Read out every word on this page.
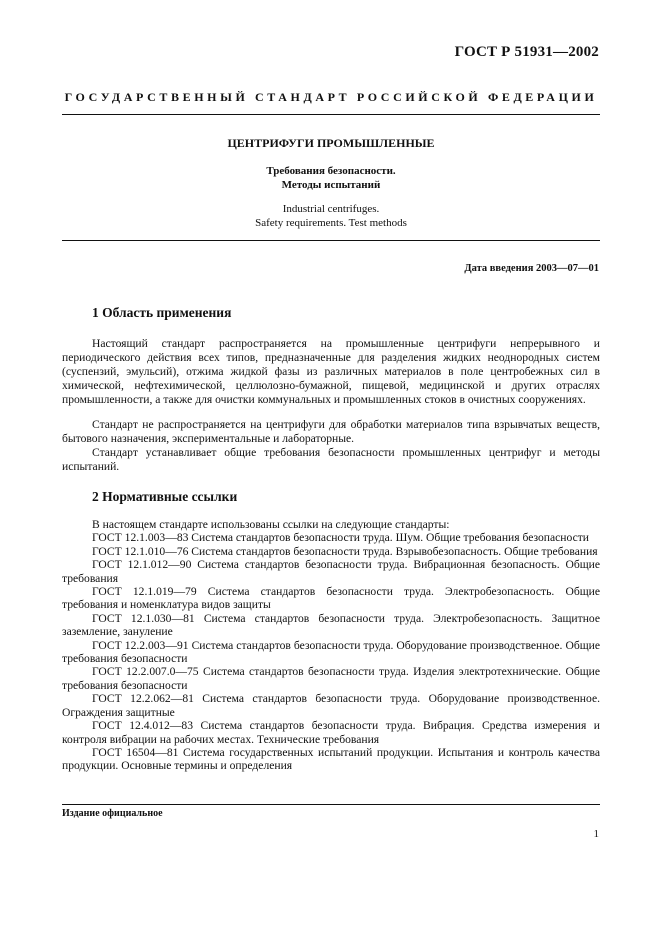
ГОСТ Р 51931—2002
ГОСУДАРСТВЕННЫЙ СТАНДАРТ РОССИЙСКОЙ ФЕДЕРАЦИИ
ЦЕНТРИФУГИ ПРОМЫШЛЕННЫЕ
Требования безопасности.
Методы испытаний
Industrial centrifuges.
Safety requirements. Test methods
Дата введения 2003—07—01
1 Область применения

Настоящий стандарт распространяется на промышленные центрифуги непрерывного и периодического действия всех типов, предназначенные для разделения жидких неоднородных систем (суспензий, эмульсий), отжима жидкой фазы из различных материалов в поле центробежных сил в химической, нефтехимической, целлюлозно-бумажной, пищевой, медицинской и других отраслях промышленности, а также для очистки коммунальных и промышленных стоков в очистных сооружениях.

Стандарт не распространяется на центрифуги для обработки материалов типа взрывчатых веществ, бытового назначения, экспериментальные и лабораторные.

Стандарт устанавливает общие требования безопасности промышленных центрифуг и методы испытаний.

2 Нормативные ссылки

В настоящем стандарте использованы ссылки на следующие стандарты:

ГОСТ 12.1.003—83 Система стандартов безопасности труда. Шум. Общие требования безопасности

ГОСТ 12.1.010—76 Система стандартов безопасности труда. Взрывобезопасность. Общие требования

ГОСТ 12.1.012—90 Система стандартов безопасности труда. Вибрационная безопасность. Общие требования

ГОСТ 12.1.019—79 Система стандартов безопасности труда. Электробезопасность. Общие требования и номенклатура видов защиты

ГОСТ 12.1.030—81 Система стандартов безопасности труда. Электробезопасность. Защитное заземление, зануление

ГОСТ 12.2.003—91 Система стандартов безопасности труда. Оборудование производственное. Общие требования безопасности

ГОСТ 12.2.007.0—75 Система стандартов безопасности труда. Изделия электротехнические. Общие требования безопасности

ГОСТ 12.2.062—81 Система стандартов безопасности труда. Оборудование производственное. Ограждения защитные

ГОСТ 12.4.012—83 Система стандартов безопасности труда. Вибрация. Средства измерения и контроля вибрации на рабочих местах. Технические требования

ГОСТ 16504—81 Система государственных испытаний продукции. Испытания и контроль качества продукции. Основные термины и определения

Издание официальное
1
